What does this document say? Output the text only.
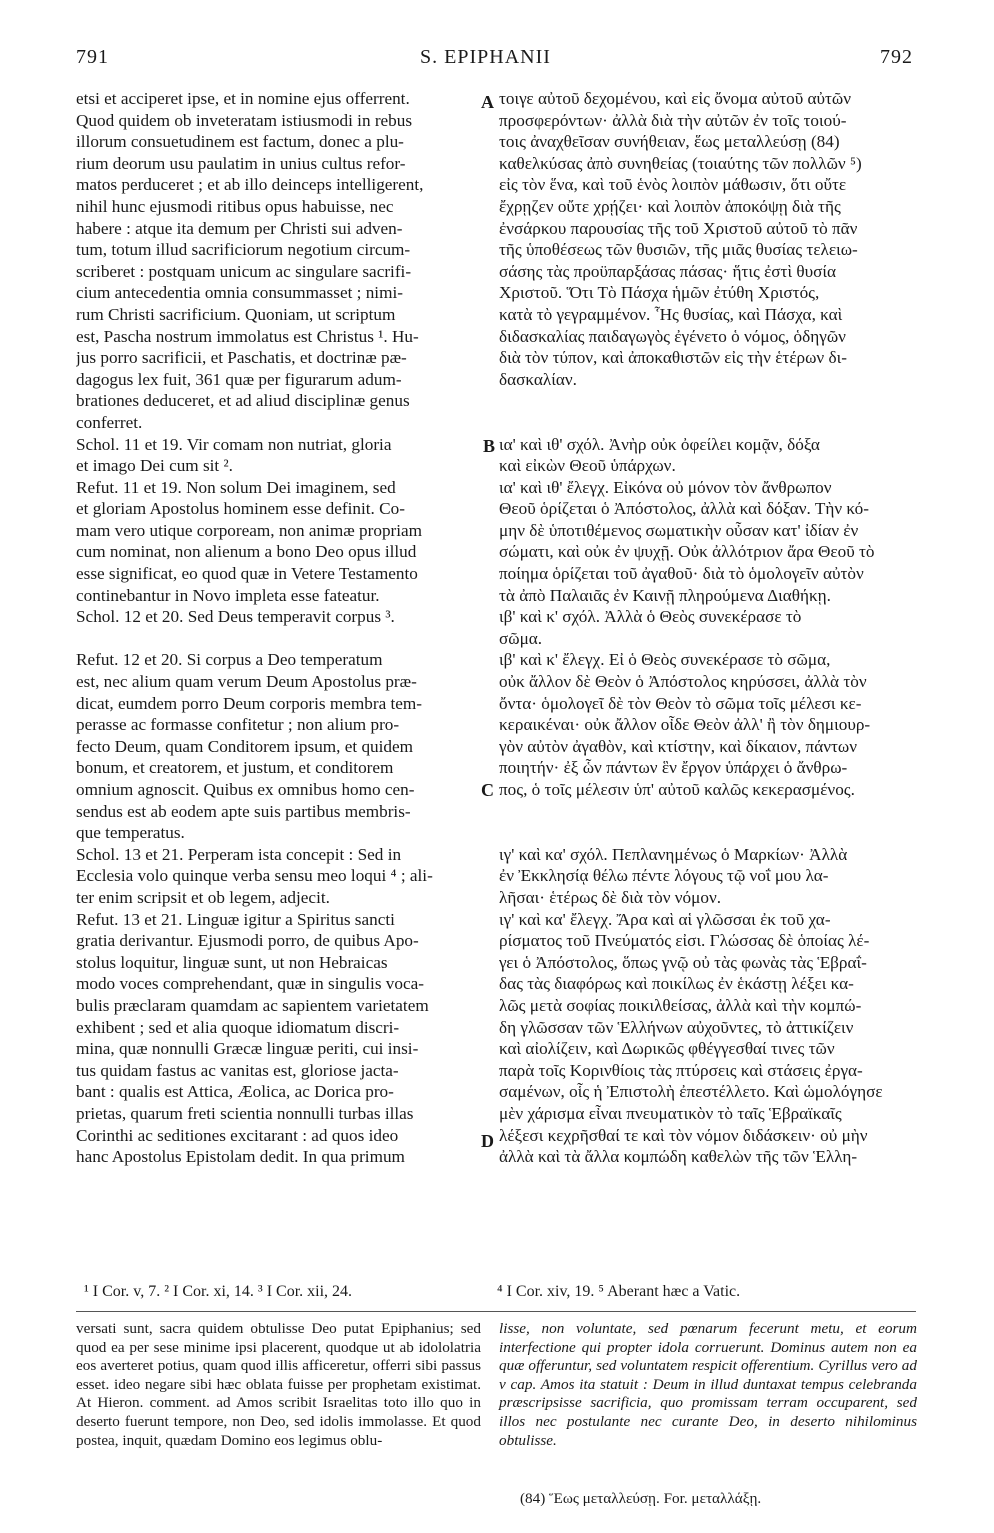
791	S. EPIPHANII	792
A
B
C
D
etsi et acciperet ipse, et in nomine ejus offerrent.
Quod quidem ob inveteratam istiusmodi in rebus
illorum consuetudinem est factum, donec a plu-
rium deorum usu paulatim in unius cultus refor-
matos perduceret ; et ab illo deinceps intelligerent,
nihil hunc ejusmodi ritibus opus habuisse, nec
habere : atque ita demum per Christi sui adven-
tum, totum illud sacrificiorum negotium circum-
scriberet : postquam unicum ac singulare sacrifi-
cium antecedentia omnia consummasset ; nimi-
rum Christi sacrificium. Quoniam, ut scriptum
est, Pascha nostrum immolatus est Christus ¹. Hu-
jus porro sacrificii, et Paschatis, et doctrinæ pæ-
dagogus lex fuit, 361 quæ per figurarum adum-
brationes deduceret, et ad aliud disciplinæ genus
conferret.
Schol. 11 et 19. Vir comam non nutriat, gloria
et imago Dei cum sit ².
Refut. 11 et 19. Non solum Dei imaginem, sed
et gloriam Apostolus hominem esse definit. Co-
mam vero utique corpoream, non animæ propriam
cum nominat, non alienum a bono Deo opus illud
esse significat, eo quod quæ in Vetere Testamento
continebantur in Novo impleta esse fateatur.
Schol. 12 et 20. Sed Deus temperavit corpus ³.
Refut. 12 et 20. Si corpus a Deo temperatum
est, nec alium quam verum Deum Apostolus præ-
dicat, eumdem porro Deum corporis membra tem-
perasse ac formasse confitetur ; non alium pro-
fecto Deum, quam Conditorem ipsum, et quidem
bonum, et creatorem, et justum, et conditorem
omnium agnoscit. Quibus ex omnibus homo cen-
sendus est ab eodem apte suis partibus membris-
que temperatus.
Schol. 13 et 21. Perperam ista concepit : Sed in
Ecclesia volo quinque verba sensu meo loqui ⁴ ; ali-
ter enim scripsit et ob legem, adjecit.
Refut. 13 et 21. Linguæ igitur a Spiritus sancti
gratia derivantur. Ejusmodi porro, de quibus Apo-
stolus loquitur, linguæ sunt, ut non Hebraicas
modo voces comprehendant, quæ in singulis voca-
bulis præclaram quamdam ac sapientem varietatem
exhibent ; sed et alia quoque idiomatum discri-
mina, quæ nonnulli Græcæ linguæ periti, cui insi-
tus quidam fastus ac vanitas est, gloriose jacta-
bant : qualis est Attica, Æolica, ac Dorica pro-
prietas, quarum freti scientia nonnulli turbas illas
Corinthi ac seditiones excitarant : ad quos ideo
hanc Apostolus Epistolam dedit. In qua primum
τοιγε αὐτοῦ δεχομένου, καὶ εἰς ὄνομα αὐτοῦ αὐτῶν
προσφερόντων· ἀλλὰ διὰ τὴν αὐτῶν ἐν τοῖς τοιού-
τοις ἀναχθεῖσαν συνήθειαν, ἕως μεταλλεύσῃ (84)
καθελκύσας ἀπὸ συνηθείας (τοιαύτης τῶν πολλῶν ⁵)
εἰς τὸν ἕνα, καὶ τοῦ ἑνὸς λοιπὸν μάθωσιν, ὅτι οὔτε
ἔχρῃζεν οὔτε χρῄζει· καὶ λοιπὸν ἀποκόψῃ διὰ τῆς
ἐνσάρκου παρουσίας τῆς τοῦ Χριστοῦ αὐτοῦ τὸ πᾶν
τῆς ὑποθέσεως τῶν θυσιῶν, τῆς μιᾶς θυσίας τελειω-
σάσης τὰς προϋπαρξάσας πάσας· ἥτις ἐστὶ θυσία
Χριστοῦ. Ὅτι Τὸ Πάσχα ἡμῶν ἐτύθη Χριστός,
κατὰ τὸ γεγραμμένον. Ἧς θυσίας, καὶ Πάσχα, καὶ
διδασκαλίας παιδαγωγὸς ἐγένετο ὁ νόμος, ὁδηγῶν
διὰ τὸν τύπον, καὶ ἀποκαθιστῶν εἰς τὴν ἑτέρων δι-
δασκαλίαν.
ια' καὶ ιθ' σχόλ. Ἀνὴρ οὐκ ὀφείλει κομᾷν, δόξα
καὶ εἰκὼν Θεοῦ ὑπάρχων.
ια' καὶ ιθ' ἔλεγχ. Εἰκόνα οὐ μόνον τὸν ἄνθρωπον
Θεοῦ ὁρίζεται ὁ Ἀπόστολος, ἀλλὰ καὶ δόξαν. Τὴν κό-
μην δὲ ὑποτιθέμενος σωματικὴν οὖσαν κατ' ἰδίαν ἐν
σώματι, καὶ οὐκ ἐν ψυχῇ. Οὐκ ἀλλότριον ἄρα Θεοῦ τὸ
ποίημα ὁρίζεται τοῦ ἀγαθοῦ· διὰ τὸ ὁμολογεῖν αὐτὸν
τὰ ἀπὸ Παλαιᾶς ἐν Καινῇ πληρούμενα Διαθήκῃ.
ιβ' καὶ κ' σχόλ. Ἀλλὰ ὁ Θεὸς συνεκέρασε τὸ
σῶμα.
ιβ' καὶ κ' ἔλεγχ. Εἰ ὁ Θεὸς συνεκέρασε τὸ σῶμα,
οὐκ ἄλλον δὲ Θεὸν ὁ Ἀπόστολος κηρύσσει, ἀλλὰ τὸν
ὄντα· ὁμολογεῖ δὲ τὸν Θεὸν τὸ σῶμα τοῖς μέλεσι κε-
κεραικέναι· οὐκ ἄλλον οἶδε Θεὸν ἀλλ' ἢ τὸν δημιουρ-
γὸν αὐτὸν ἀγαθὸν, καὶ κτίστην, καὶ δίκαιον, πάντων
ποιητήν· ἐξ ὧν πάντων ἓν ἔργον ὑπάρχει ὁ ἄνθρω-
πος, ὁ τοῖς μέλεσιν ὑπ' αὐτοῦ καλῶς κεκερασμένος.
ιγ' καὶ κα' σχόλ. Πεπλανημένως ὁ Μαρκίων· Ἀλλὰ
ἐν Ἐκκλησίᾳ θέλω πέντε λόγους τῷ νοΐ μου λα-
λῆσαι· ἑτέρως δὲ διὰ τὸν νόμον.
ιγ' καὶ κα' ἔλεγχ. Ἄρα καὶ αἱ γλῶσσαι ἐκ τοῦ χα-
ρίσματος τοῦ Πνεύματός εἰσι. Γλώσσας δὲ ὁποίας λέ-
γει ὁ Ἀπόστολος, ὅπως γνῷ οὐ τὰς φωνὰς τὰς Ἑβραΐ-
δας τὰς διαφόρως καὶ ποικίλως ἐν ἑκάστῃ λέξει κα-
λῶς μετὰ σοφίας ποικιλθείσας, ἀλλὰ καὶ τὴν κομπώ-
δη γλῶσσαν τῶν Ἑλλήνων αὐχοῦντες, τὸ ἀττικίζειν
καὶ αἰολίζειν, καὶ Δωρικῶς φθέγγεσθαί τινες τῶν
παρὰ τοῖς Κορινθίοις τὰς πτύρσεις καὶ στάσεις ἐργα-
σαμένων, οἷς ἡ Ἐπιστολὴ ἐπεστέλλετο. Καὶ ὡμολόγησε
μὲν χάρισμα εἶναι πνευματικὸν τὸ ταῖς Ἑβραϊκαῖς
λέξεσι κεχρῆσθαί τε καὶ τὸν νόμον διδάσκειν· οὐ μὴν
ἀλλὰ καὶ τὰ ἄλλα κομπώδη καθελὼν τῆς τῶν Ἑλλη-
¹ I Cor. v, 7. ² I Cor. xi, 14. ³ I Cor. xii, 24.	⁴ I Cor. xiv, 19. ⁵ Aberant hæc a Vatic.
versati sunt, sacra quidem obtulisse Deo putat Epiphanius; sed quod ea per sese minime ipsi placerent, quodque ut ab idololatria eos averteret potius, quam quod illis afficeretur, offerri sibi passus esset. ideo negare sibi hæc oblata fuisse per prophetam existimat. At Hieron. comment. ad Amos scribit Israelitas toto illo quo in deserto fuerunt tempore, non Deo, sed idolis immolasse. Et quod postea, inquit, quædam Domino eos legimus oblu-
lisse, non voluntate, sed pœnarum fecerunt metu, et eorum interfectione qui propter idola corruerunt. Dominus autem non ea quæ offeruntur, sed voluntatem respicit offerentium. Cyrillus vero ad v cap. Amos ita statuit : Deum in illud duntaxat tempus celebranda præscripsisse sacrificia, quo promissam terram occuparent, sed illos nec postulante nec curante Deo, in deserto nihilominus obtulisse.
(84) Ἕως μεταλλεύσῃ. For. μεταλλάξῃ.
